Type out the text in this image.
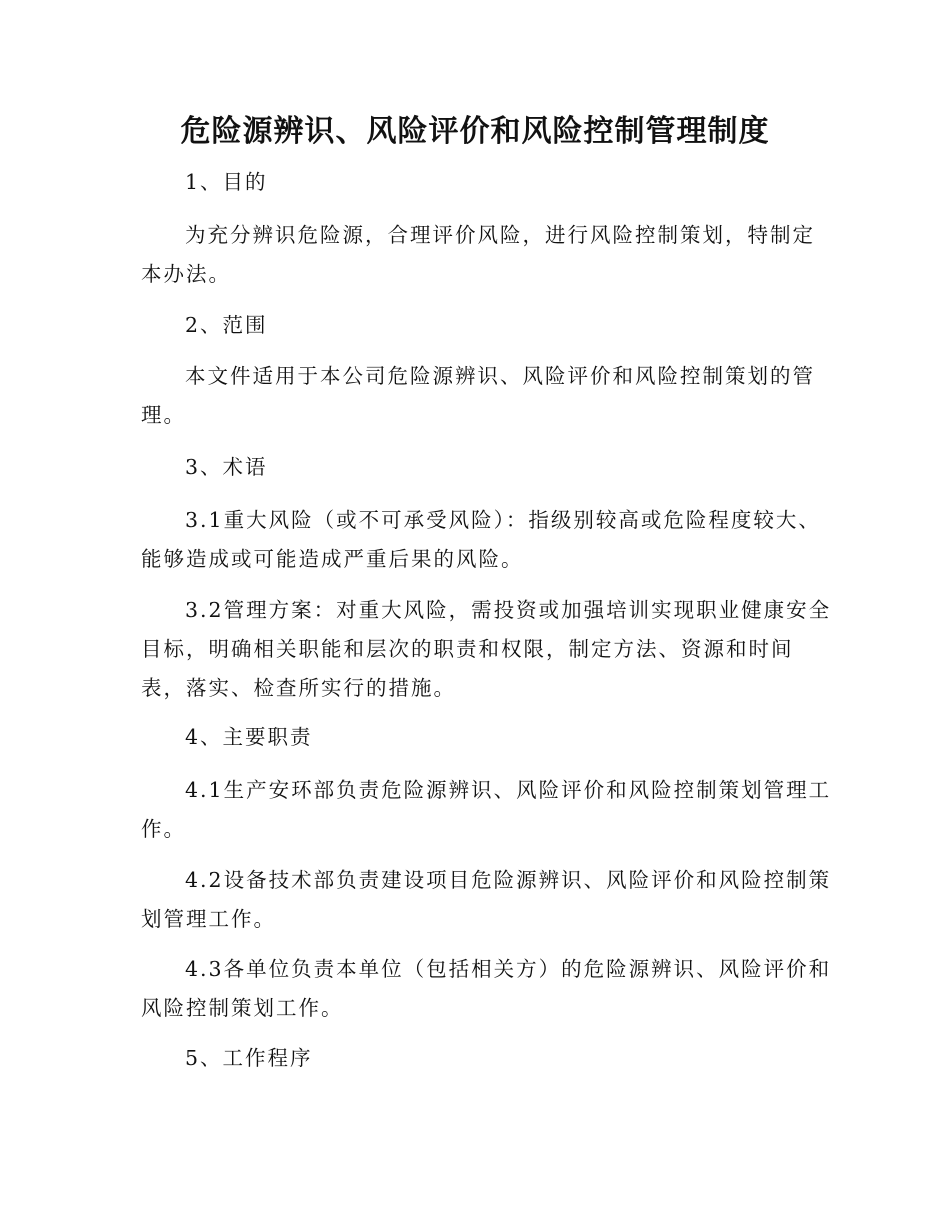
危险源辨识、风险评价和风险控制管理制度
1、目的
为充分辨识危险源，合理评价风险，进行风险控制策划，特制定
本办法。
2、范围
本文件适用于本公司危险源辨识、风险评价和风险控制策划的管
理。
3、术语
3.1重大风险（或不可承受风险）：指级别较高或危险程度较大、
能够造成或可能造成严重后果的风险。
3.2管理方案：对重大风险，需投资或加强培训实现职业健康安全
目标，明确相关职能和层次的职责和权限，制定方法、资源和时间
表，落实、检查所实行的措施。
4、主要职责
4.1生产安环部负责危险源辨识、风险评价和风险控制策划管理工
作。
4.2设备技术部负责建设项目危险源辨识、风险评价和风险控制策
划管理工作。
4.3各单位负责本单位（包括相关方）的危险源辨识、风险评价和
风险控制策划工作。
5、工作程序
